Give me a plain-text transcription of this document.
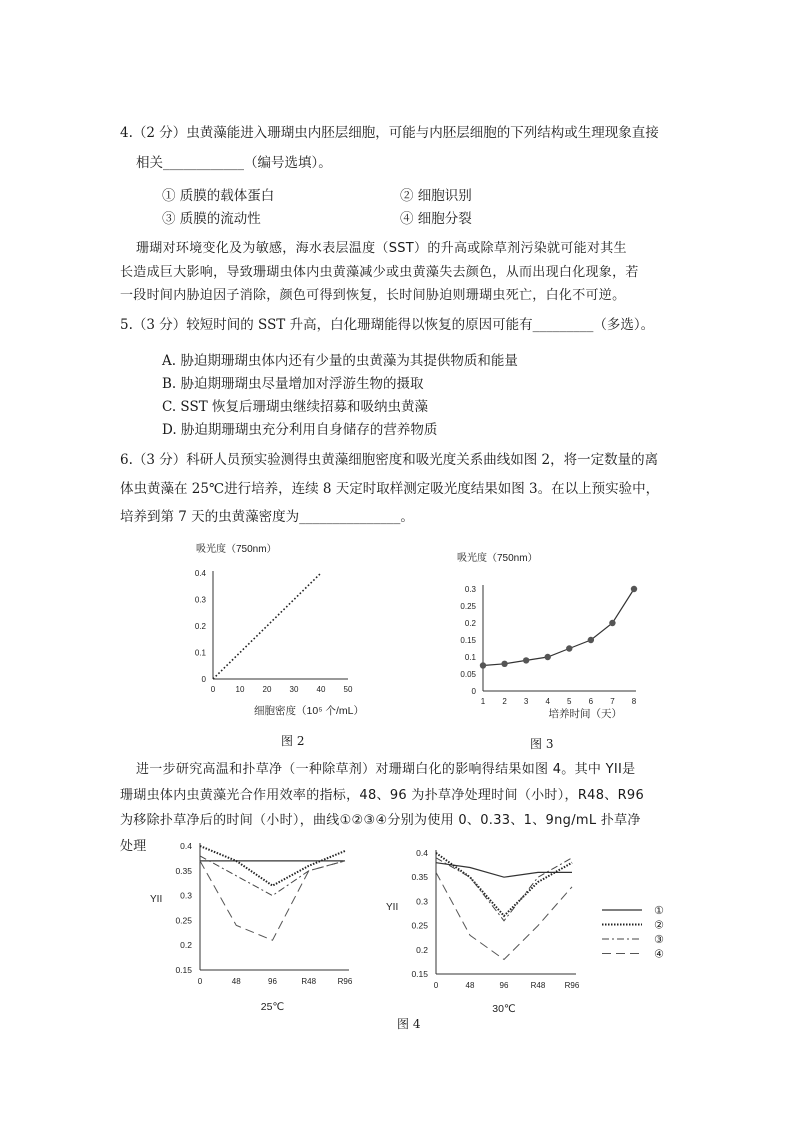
4.（2 分）虫黄藻能进入珊瑚虫内胚层细胞，可能与内胚层细胞的下列结构或生理现象直接
相关____________（编号选填）。
① 质膜的载体蛋白	② 细胞识别
③ 质膜的流动性	④ 细胞分裂
珊瑚对环境变化及为敏感，海水表层温度（SST）的升高或除草剂污染就可能对其生
长造成巨大影响，导致珊瑚虫体内虫黄藻减少或虫黄藻失去颜色，从而出现白化现象，若
一段时间内胁迫因子消除，颜色可得到恢复，长时间胁迫则珊瑚虫死亡，白化不可逆。
5.（3 分）较短时间的 SST 升高，白化珊瑚能得以恢复的原因可能有_________（多选）。
A. 胁迫期珊瑚虫体内还有少量的虫黄藻为其提供物质和能量
B. 胁迫期珊瑚虫尽量增加对浮游生物的摄取
C. SST 恢复后珊瑚虫继续招募和吸纳虫黄藻
D. 胁迫期珊瑚虫充分利用自身储存的营养物质
6.（3 分）科研人员预实验测得虫黄藻细胞密度和吸光度关系曲线如图 2，将一定数量的离
体虫黄藻在 25℃进行培养，连续 8 天定时取样测定吸光度结果如图 3。在以上预实验中，
培养到第 7 天的虫黄藻密度为_______________。
吸光度（750nm）
0
0.1
0.2
0.3
0.4
0	10 20 30 40 50
细胞密度（10⁵ 个/mL）
图 2
吸光度（750nm）
0
0.05
0.1
0.15
0.2
0.25
0.3
1 2 3 4 5 6 7 8
培养时间（天）
图 3
进一步研究高温和扑草净（一种除草剂）对珊瑚白化的影响得结果如图 4。其中 YII是
珊瑚虫体内虫黄藻光合作用效率的指标，48、96 为扑草净处理时间（小时），R48、R96
为移除扑草净后的时间（小时），曲线①②③④分别为使用 0、0.33、1、9ng/mL 扑草净
处理
YII
0.15
0.2
0.25
0.3
0.35
0.4
0	48	96	R48	R96
25℃
YII
0.15
0.2
0.25
0.3
0.35
0.4
0	48	96	R48 R96
30℃
①
②
③
④
图 4
